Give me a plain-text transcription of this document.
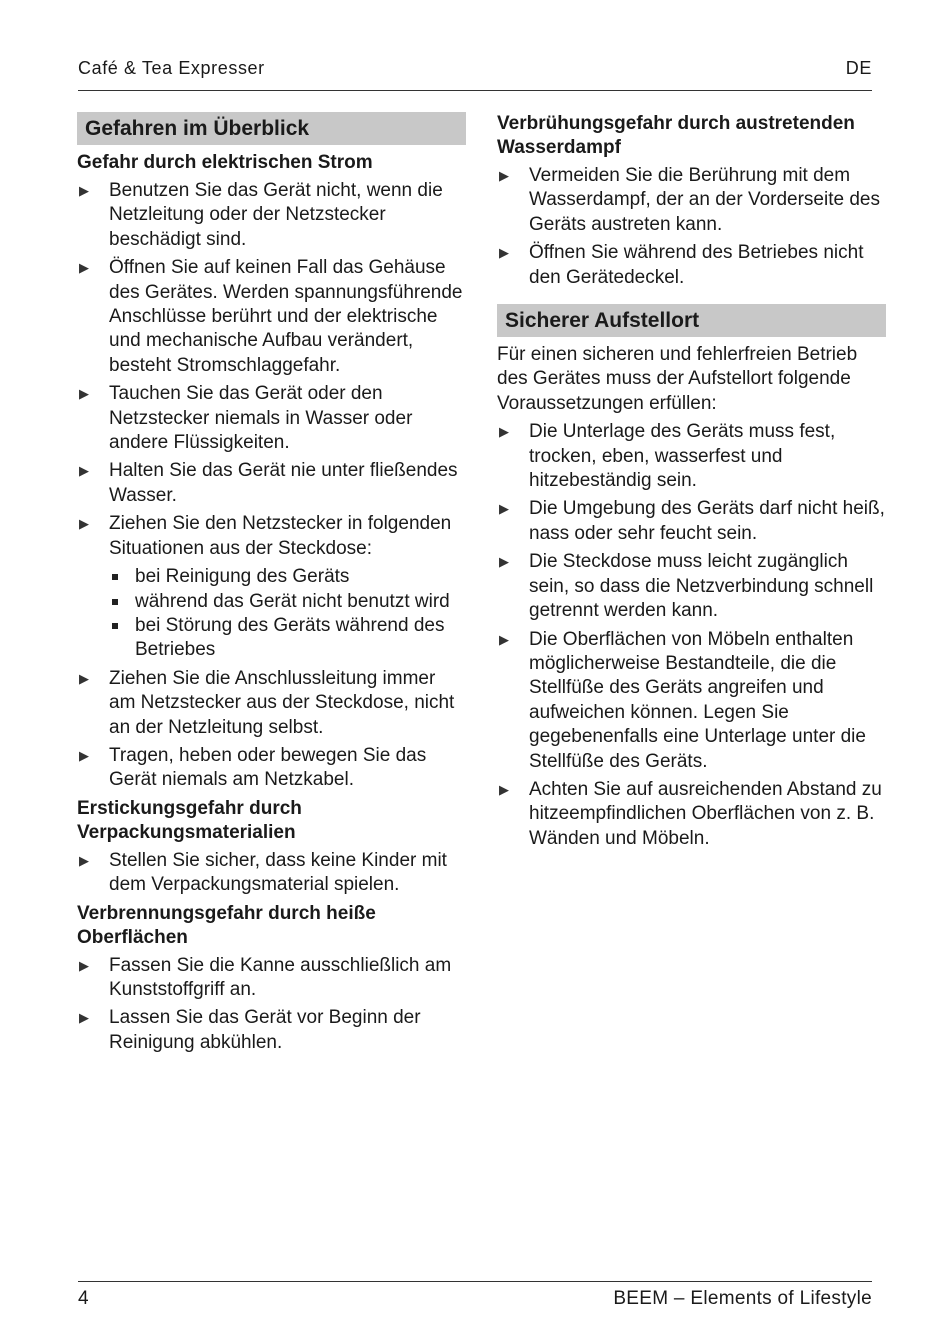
Café & Tea Expresser	DE
Gefahren im Überblick
Gefahr durch elektrischen Strom
▶ Benutzen Sie das Gerät nicht, wenn die Netzleitung oder der Netzstecker beschädigt sind.
▶ Öffnen Sie auf keinen Fall das Gehäuse des Gerätes. Werden spannungsführende Anschlüsse berührt und der elektrische und mechanische Aufbau verändert, besteht Stromschlaggefahr.
▶ Tauchen Sie das Gerät oder den Netzstecker niemals in Wasser oder andere Flüssigkeiten.
▶ Halten Sie das Gerät nie unter fließendes Wasser.
▶ Ziehen Sie den Netzstecker in folgenden Situationen aus der Steckdose:
bei Reinigung des Geräts
während das Gerät nicht benutzt wird
bei Störung des Geräts während des Betriebes
▶ Ziehen Sie die Anschlussleitung immer am Netzstecker aus der Steckdose, nicht an der Netzleitung selbst.
▶ Tragen, heben oder bewegen Sie das Gerät niemals am Netzkabel.
Erstickungsgefahr durch Verpackungsmaterialien
▶ Stellen Sie sicher, dass keine Kinder mit dem Verpackungsmaterial spielen.
Verbrennungsgefahr durch heiße Oberflächen
▶ Fassen Sie die Kanne ausschließlich am Kunststoffgriff an.
▶ Lassen Sie das Gerät vor Beginn der Reinigung abkühlen.
Verbrühungsgefahr durch austretenden Wasserdampf
▶ Vermeiden Sie die Berührung mit dem Wasserdampf, der an der Vorderseite des Geräts austreten kann.
▶ Öffnen Sie während des Betriebes nicht den Gerätedeckel.
Sicherer Aufstellort

Für einen sicheren und fehlerfreien Betrieb des Gerätes muss der Aufstellort folgende Voraussetzungen erfüllen:

▶ Die Unterlage des Geräts muss fest, trocken, eben, wasserfest und hitzebeständig sein.
▶ Die Umgebung des Geräts darf nicht heiß, nass oder sehr feucht sein.
▶ Die Steckdose muss leicht zugänglich sein, so dass die Netzverbindung schnell getrennt werden kann.
▶ Die Oberflächen von Möbeln enthalten möglicherweise Bestandteile, die die Stellfüße des Geräts angreifen und aufweichen können. Legen Sie gegebenenfalls eine Unterlage unter die Stellfüße des Geräts.
▶ Achten Sie auf ausreichenden Abstand zu hitzeempfindlichen Oberflächen von z. B. Wänden und Möbeln.
4	BEEM – Elements of Lifestyle
